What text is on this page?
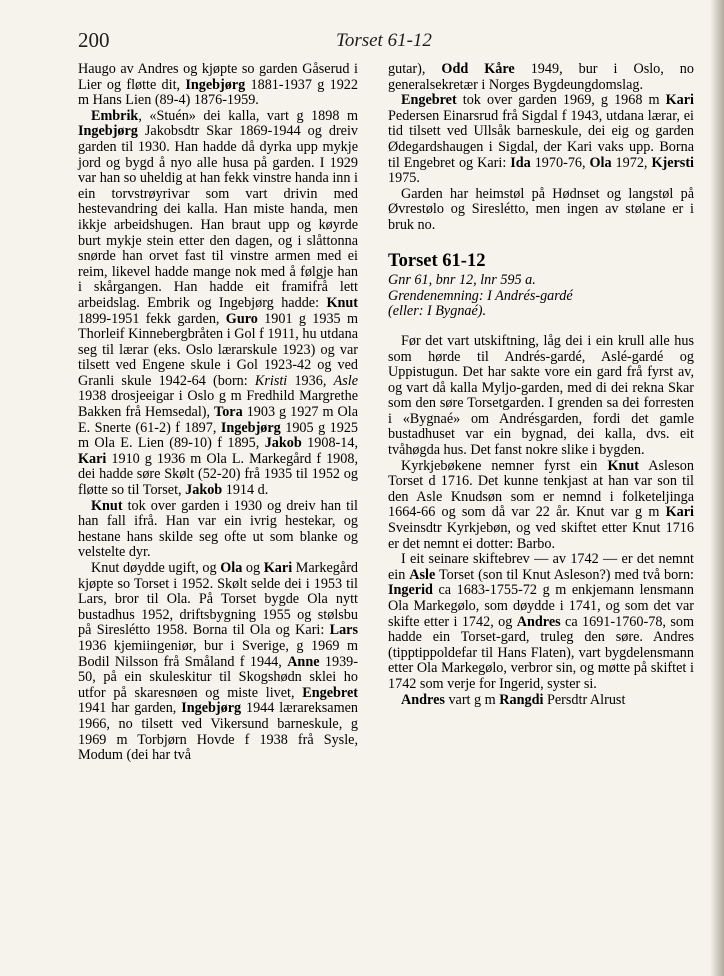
200	Torset 61-12

Haugo av Andres og kjøpte so garden Gåserud i Lier og fløtte dit, Ingebjørg 1881-1937 g 1922 m Hans Lien (89-4) 1876-1959.

Embrik, «Stuén» dei kalla, vart g 1898 m Ingebjørg Jakobsdtr Skar 1869-1944 og dreiv garden til 1930. Han hadde då dyrka upp mykje jord og bygd å nyo alle husa på garden. I 1929 var han so uheldig at han fekk vinstre handa inn i ein torvstrøyrivar som vart drivin med hestevandring dei kalla. Han miste handa, men ikkje arbeidshugen. Han braut upp og køyrde burt mykje stein etter den dagen, og i slåttonna snørde han orvet fast til vinstre armen med ei reim, likevel hadde mange nok med å følgje han i skårgangen. Han hadde eit framifrå lett arbeidslag. Embrik og Ingebjørg hadde: Knut 1899-1951 fekk garden, Guro 1901 g 1935 m Thorleif Kinnebergbråten i Gol f 1911, hu utdana seg til lærar (eks. Oslo lærarskule 1923) og var tilsett ved Engene skule i Gol 1923-42 og ved Granli skule 1942-64 (born: Kristi 1936, Asle 1938 drosjeeigar i Oslo g m Fredhild Margrethe Bakken frå Hemsedal), Tora 1903 g 1927 m Ola E. Snerte (61-2) f 1897, Ingebjørg 1905 g 1925 m Ola E. Lien (89-10) f 1895, Jakob 1908-14, Kari 1910 g 1936 m Ola L. Markegård f 1908, dei hadde søre Skølt (52-20) frå 1935 til 1952 og fløtte so til Torset, Jakob 1914 d.

Knut tok over garden i 1930 og dreiv han til han fall ifrå. Han var ein ivrig hestekar, og hestane hans skilde seg ofte ut som blanke og velstelte dyr.

Knut døydde ugift, og Ola og Kari Markegård kjøpte so Torset i 1952. Skølt selde dei i 1953 til Lars, bror til Ola. På Torset bygde Ola nytt bustadhus 1952, driftsbygning 1955 og stølsbu på Sireslétto 1958. Borna til Ola og Kari: Lars 1936 kjemiingeniør, bur i Sverige, g 1969 m Bodil Nilsson frå Småland f 1944, Anne 1939-50, på ein skuleskitur til Skogshødn sklei ho utfor på skaresnøen og miste livet, Engebret 1941 har garden, Ingebjørg 1944 lærareksamen 1966, no tilsett ved Vikersund barneskule, g 1969 m Torbjørn Hovde f 1938 frå Sysle, Modum (dei har två

gutar), Odd Kåre 1949, bur i Oslo, no generalsekretær i Norges Bygdeungdomslag.

Engebret tok over garden 1969, g 1968 m Kari Pedersen Einarsrud frå Sigdal f 1943, utdana lærar, ei tid tilsett ved Ullsåk barneskule, dei eig og garden Ødegardshaugen i Sigdal, der Kari vaks upp. Borna til Engebret og Kari: Ida 1970-76, Ola 1972, Kjersti 1975.

Garden har heimstøl på Hødnset og langstøl på Øvrestølo og Sireslétto, men ingen av stølane er i bruk no.

Torset 61-12
Gnr 61, bnr 12, lnr 595 a.
Grendenemning: I Andrés-gardé
(eller: I Bygnaé).

Før det vart utskiftning, låg dei i ein krull alle hus som hørde til Andrés-gardé, Aslé-gardé og Uppistugun. Det har sakte vore ein gard frå fyrst av, og vart då kalla Myljo-garden, med di dei rekna Skar som den søre Torsetgarden. I grenden sa dei forresten i «Bygnaé» om Andrésgarden, fordi det gamle bustadhuset var ein bygnad, dei kalla, dvs. eit tvåhøgda hus. Det fanst nokre slike i bygden.

Kyrkjebøkene nemner fyrst ein Knut Asleson Torset d 1716. Det kunne tenkjast at han var son til den Asle Knudsøn som er nemnd i folketeljinga 1664-66 og som då var 22 år. Knut var g m Kari Sveinsdtr Kyrkjebøn, og ved skiftet etter Knut 1716 er det nemnt ei dotter: Barbo.

I eit seinare skiftebrev — av 1742 — er det nemnt ein Asle Torset (son til Knut Asleson?) med två born: Ingerid ca 1683-1755-72 g m enkjemann lensmann Ola Markegølo, som døydde i 1741, og som det var skifte etter i 1742, og Andres ca 1691-1760-78, som hadde ein Torset-gard, truleg den søre. Andres (tipptippoldefar til Hans Flaten), vart bygdelensmann etter Ola Markegølo, verbror sin, og møtte på skiftet i 1742 som verje for Ingerid, syster si.

Andres vart g m Rangdi Persdtr Alrust
